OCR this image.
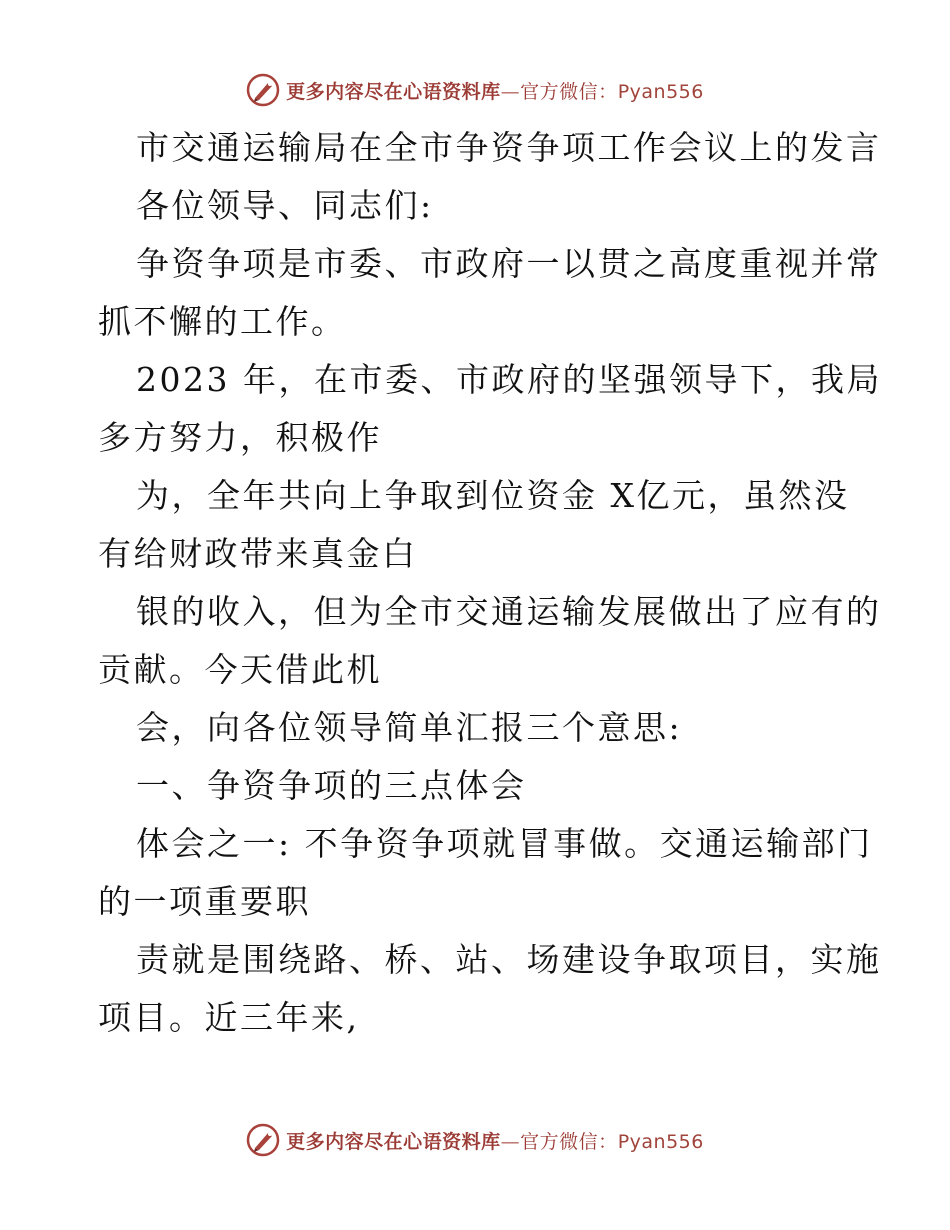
更多内容尽在心语资料库—官方微信：Pyan556
市交通运输局在全市争资争项工作会议上的发言
各位领导、同志们:
争资争项是市委、市政府一以贯之高度重视并常
抓不懈的工作。
2023 年，在市委、市政府的坚强领导下，我局
多方努力，积极作
为，全年共向上争取到位资金 X亿元，虽然没
有给财政带来真金白
银的收入，但为全市交通运输发展做出了应有的
贡献。今天借此机
会，向各位领导简单汇报三个意思:
一、争资争项的三点体会
体会之一: 不争资争项就冒事做。交通运输部门
的一项重要职
责就是围绕路、桥、站、场建设争取项目，实施
项目。近三年来,
更多内容尽在心语资料库—官方微信：Pyan556
